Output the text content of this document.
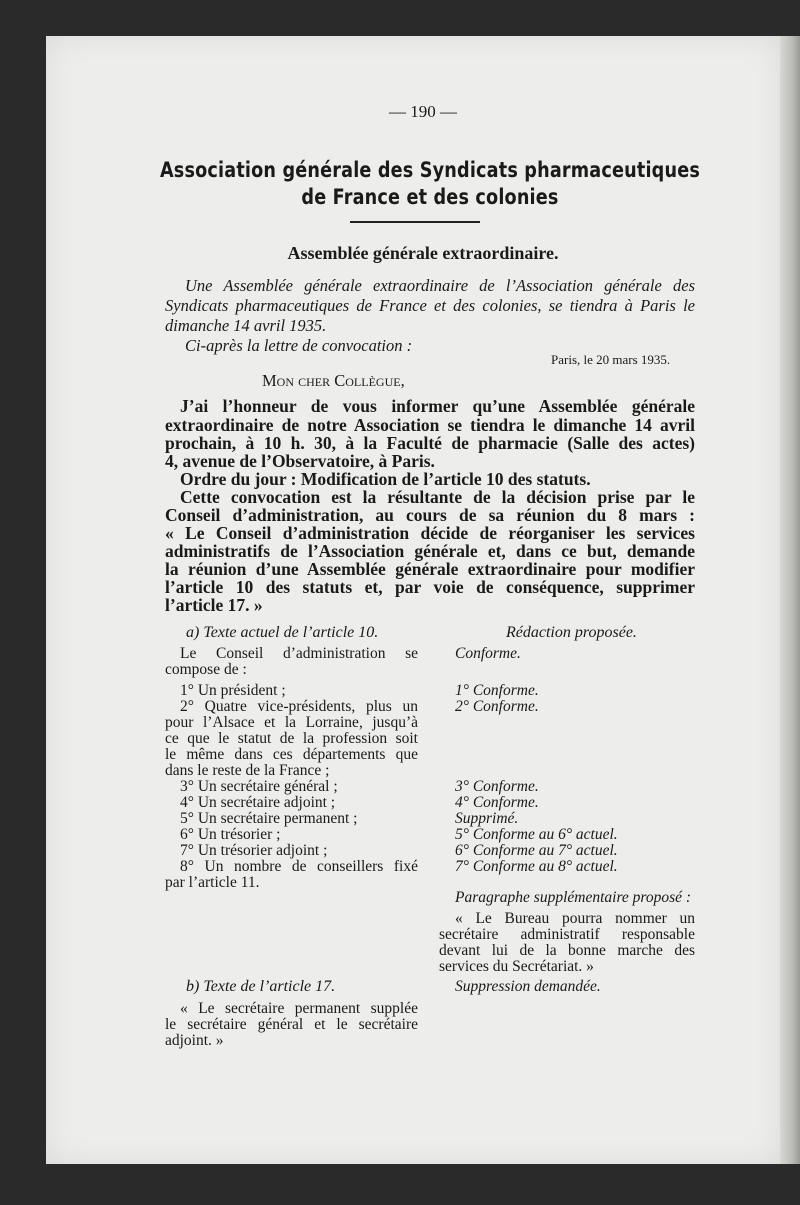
— 190 —
Association générale des Syndicats pharmaceutiques
de France et des colonies
Assemblée générale extraordinaire.
Une Assemblée générale extraordinaire de l’Association générale des
Syndicats pharmaceutiques de France et des colonies, se tiendra à Paris le
dimanche 14 avril 1935.
Ci-après la lettre de convocation :
Paris, le 20 mars 1935.
Mon cher Collègue,
J’ai l’honneur de vous informer qu’une Assemblée générale
extraordinaire de notre Association se tiendra le dimanche 14 avril
prochain, à 10 h. 30, à la Faculté de pharmacie (Salle des actes)
4, avenue de l’Observatoire, à Paris.
Ordre du jour : Modification de l’article 10 des statuts.
Cette convocation est la résultante de la décision prise par le
Conseil d’administration, au cours de sa réunion du 8 mars :
« Le Conseil d’administration décide de réorganiser les services
administratifs de l’Association générale et, dans ce but, demande
la réunion d’une Assemblée générale extraordinaire pour modifier
l’article 10 des statuts et, par voie de conséquence, supprimer
l’article 17. »
a) Texte actuel de l’article 10.
Le Conseil d’administration se
compose de :
1° Un président ;
2° Quatre vice-présidents, plus un
pour l’Alsace et la Lorraine, jusqu’à
ce que le statut de la profession soit
le même dans ces départements que
dans le reste de la France ;
3° Un secrétaire général ;
4° Un secrétaire adjoint ;
5° Un secrétaire permanent ;
6° Un trésorier ;
7° Un trésorier adjoint ;
8° Un nombre de conseillers fixé
par l’article 11.
b) Texte de l’article 17.
« Le secrétaire permanent supplée
le secrétaire général et le secrétaire
adjoint. »
Rédaction proposée.
Conforme.
1° Conforme.
2° Conforme.
3° Conforme.
4° Conforme.
Supprimé.
5° Conforme au 6° actuel.
6° Conforme au 7° actuel.
7° Conforme au 8° actuel.
Paragraphe supplémentaire proposé :
« Le Bureau pourra nommer un
secrétaire administratif responsable
devant lui de la bonne marche des
services du Secrétariat. »
Suppression demandée.
